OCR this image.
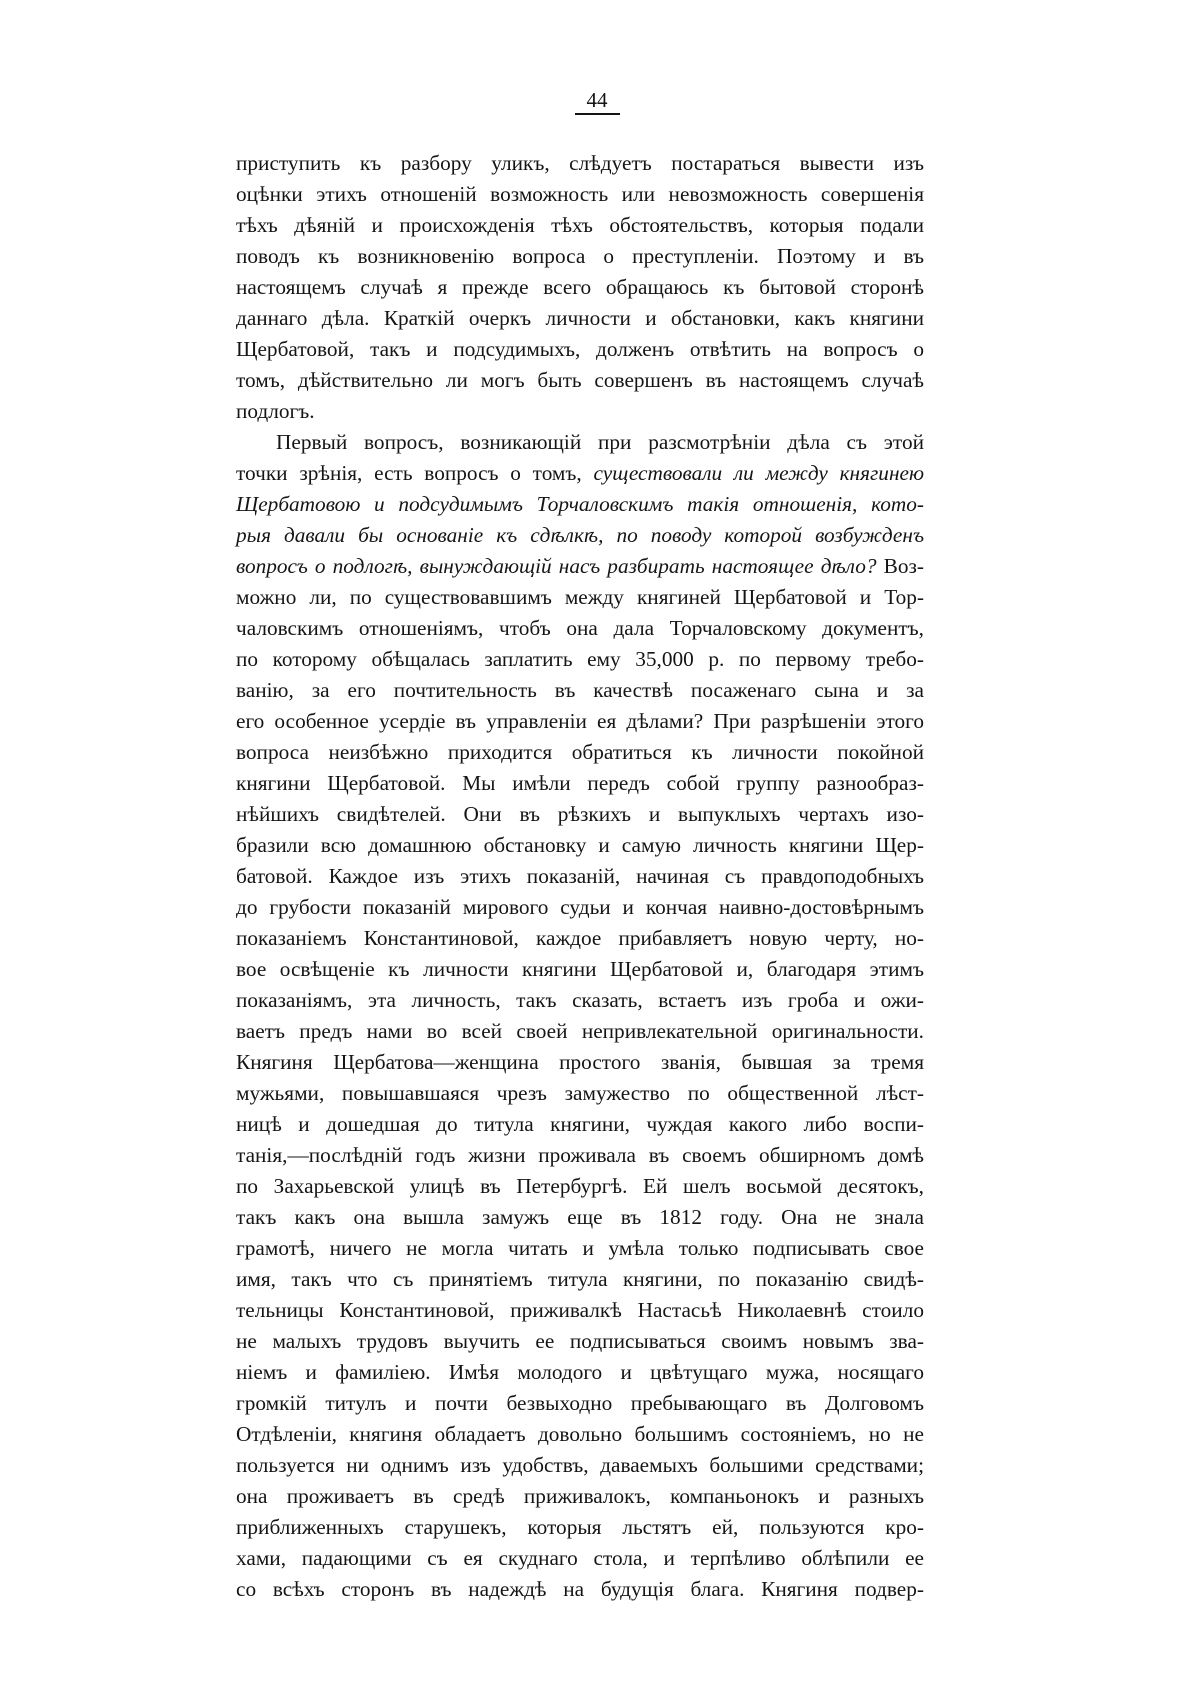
44
приступить къ разбору уликъ, слѣдуетъ постараться вывести изъ
оцѣнки этихъ отношеній возможность или невозможность совершенія
тѣхъ дѣяній и происхожденія тѣхъ обстоятельствъ, которыя подали
поводъ къ возникновенію вопроса о преступленіи. Поэтому и въ
настоящемъ случаѣ я прежде всего обращаюсь къ бытовой сторонѣ
даннаго дѣла. Краткій очеркъ личности и обстановки, какъ княгини
Щербатовой, такъ и подсудимыхъ, долженъ отвѣтить на вопросъ о
томъ, дѣйствительно ли могъ быть совершенъ въ настоящемъ случаѣ
подлогъ.
Первый вопросъ, возникающій при разсмотрѣніи дѣла съ этой
точки зрѣнія, есть вопросъ о томъ, существовали ли между княгинею
Щербатовою и подсудимымъ Торчаловскимъ такія отношенія, кото-
рыя давали бы основаніе къ сдѣлкѣ, по поводу которой возбужденъ
вопросъ о подлогѣ, вынуждающій насъ разбирать настоящее дѣло? Воз-
можно ли, по существовавшимъ между княгиней Щербатовой и Тор-
чаловскимъ отношеніямъ, чтобъ она дала Торчаловскому документъ,
по которому обѣщалась заплатить ему 35,000 р. по первому требо-
ванію, за его почтительность въ качествѣ посаженаго сына и за
его особенное усердіе въ управленіи ея дѣлами? При разрѣшеніи этого
вопроса неизбѣжно приходится обратиться къ личности покойной
княгини Щербатовой. Мы имѣли передъ собой группу разнообраз-
нѣйшихъ свидѣтелей. Они въ рѣзкихъ и выпуклыхъ чертахъ изо-
бразили всю домашнюю обстановку и самую личность княгини Щер-
батовой. Каждое изъ этихъ показаній, начиная съ правдоподобныхъ
до грубости показаній мирового судьи и кончая наивно-достовѣрнымъ
показаніемъ Константиновой, каждое прибавляетъ новую черту, но-
вое освѣщеніе къ личности княгини Щербатовой и, благодаря этимъ
показаніямъ, эта личность, такъ сказать, встаетъ изъ гроба и ожи-
ваетъ предъ нами во всей своей непривлекательной оригинальности.
Княгиня Щербатова—женщина простого званія, бывшая за тремя
мужьями, повышавшаяся чрезъ замужество по общественной лѣст-
ницѣ и дошедшая до титула княгини, чуждая какого либо воспи-
танія,—послѣдній годъ жизни проживала въ своемъ обширномъ домѣ
по Захарьевской улицѣ въ Петербургѣ. Ей шелъ восьмой десятокъ,
такъ какъ она вышла замужъ еще въ 1812 году. Она не знала
грамотѣ, ничего не могла читать и умѣла только подписывать свое
имя, такъ что съ принятіемъ титула княгини, по показанію свидѣ-
тельницы Константиновой, приживалкѣ Настасьѣ Николаевнѣ стоило
не малыхъ трудовъ выучить ее подписываться своимъ новымъ зва-
ніемъ и фамиліею. Имѣя молодого и цвѣтущаго мужа, носящаго
громкій титулъ и почти безвыходно пребывающаго въ Долговомъ
Отдѣленіи, княгиня обладаетъ довольно большимъ состояніемъ, но не
пользуется ни однимъ изъ удобствъ, даваемыхъ большими средствами;
она проживаетъ въ средѣ приживалокъ, компаньонокъ и разныхъ
приближенныхъ старушекъ, которыя льстятъ ей, пользуются кро-
хами, падающими съ ея скуднаго стола, и терпѣливо облѣпили ее
со всѣхъ сторонъ въ надеждѣ на будущія блага. Княгиня подвер-
